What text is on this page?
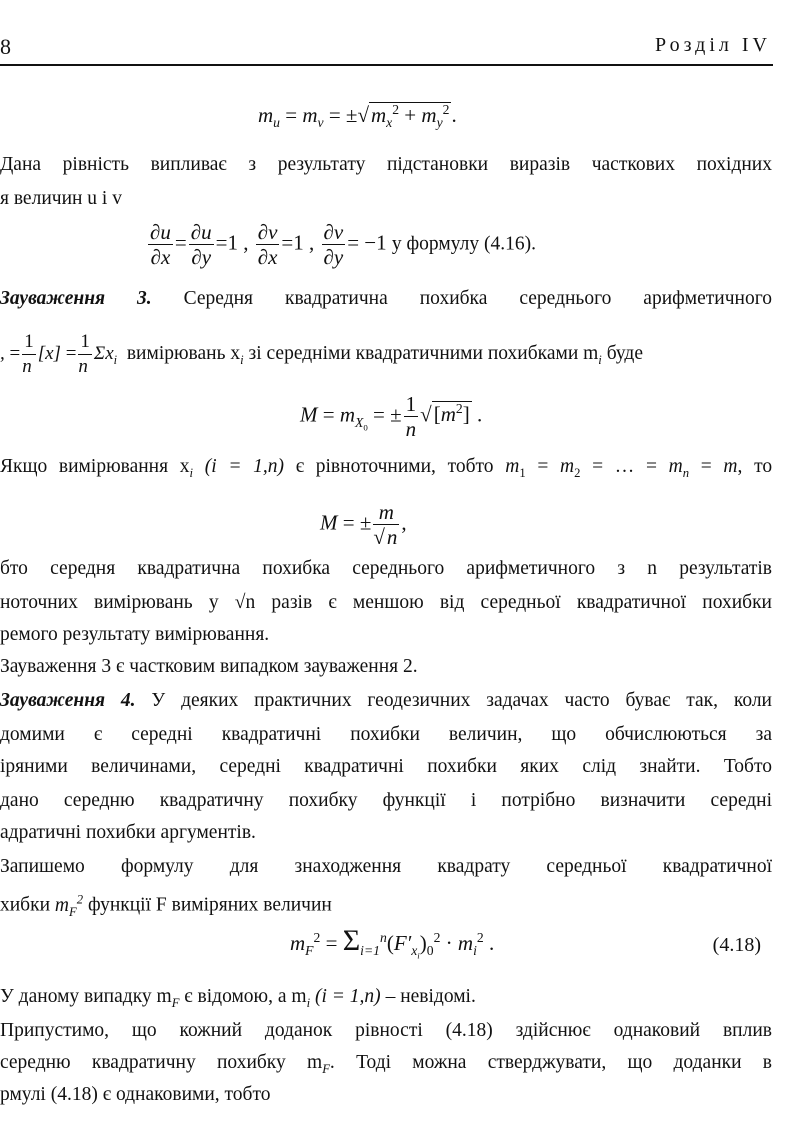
8	Розділ IV
$m_u = m_v = \pm√m_x^2 + m_y^2$.
Дана рівність випливає з результату підстановки виразів часткових похідних
я величин u і v
$\frac{\partial u}{\partial x} = \frac{\partial u}{\partial y} =1$ , $\frac{\partial v}{\partial x} =1$ , $\frac{\partial v}{\partial y} = -1$ у формулу (4.16).
Зауваження 3. Середня квадратична похибка середнього арифметичного
, = $\frac{1}{n} [x] = \frac{1}{n} \Sigma x_i$ вимірювань $x_i$ зі середніми квадратичними похибками $m_i$ буде
$M = m_{X_0}$ = ± $\frac{1}{n} √[m^2]$ .
Якщо вимірювання $x_i$ (i = 1,n) є рівноточними, тобто $m_1 = m_2$ = … = $m_n = m$, то
M = ± $\frac{m}{√n}$ ,
бто середня квадратична похибка середнього арифметичного з n результатів
ноточних вимірювань у √n разів є меншою від середньої квадратичної похибки
ремого результату вимірювання.
Зауваження 3 є частковим випадком зауваження 2.
Зауваження 4. У деяких практичних геодезичних задачах часто буває так, коли
домими є середні квадратичні похибки величин, що обчислюються за
іряними величинами, середні квадратичні похибки яких слід знайти. Тобто
дано середню квадратичну похибку функції і потрібно визначити середні
адратичні похибки аргументів.
Запишемо формулу для знаходження квадрату середньої квадратичної
хибки $m_F^2$ функції F виміряних величин
$m_F^2 = \Sigma_{i=1}^n(F'_{x_i})_0^2 \cdot m_i^2$ .	(4.18)
У даному випадку $m_F$ є відомою, а $m_i$ (i = 1,n) – невідомі.
Припустимо, що кожний доданок рівності (4.18) здійснює однаковий вплив
середню квадратичну похибку $m_F$. Тоді можна стверджувати, що доданки в
рмулі (4.18) є однаковими, тобто
